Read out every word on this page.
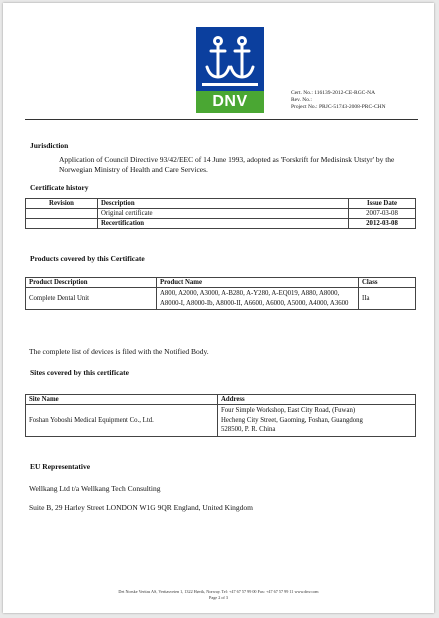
DNV	Cert. No.: 116139-2012-CE-RGC-NA
Rev. No.:
Project No.: PRJC-51743-2008-PRC-CHN
Jurisdiction
Application of Council Directive 93/42/EEC of 14 June 1993, adopted as 'Forskrift for Medisinsk Utstyr' by the Norwegian Ministry of Health and Care Services.
Certificate history
Revision	Description	Issue Date
	Original certificate	2007-03-08
	Recertification	2012-03-08
Products covered by this Certificate
Product Description	Product Name	Class
Complete Dental Unit	A800, A2000, A3000, A-B280, A-Y280, A-EQ019, A880, A8000, A8000-I, A8000-Ib, A8000-II, A6600, A6000, A5000, A4000, A3600	IIa
The complete list of devices is filed with the Notified Body.
Sites covered by this certificate
Site Name	Address
Foshan Yoboshi Medical Equipment Co., Ltd.	Four Simple Workshop, East City Road, (Fuwan) Hecheng City Street, Gaoming, Foshan, Guangdong 528500, P. R. China
EU Representative
Wellkang Ltd t/a Wellkang Tech Consulting
Suite B, 29 Harley Street LONDON W1G 9QR England, United Kingdom
Det Norske Veritas AS, Veritasveien 1, 1322 Høvik, Norway. Tel: +47 67 57 99 00 Fax: +47 67 57 99 11 www.dnv.com
Page 2 of 3
